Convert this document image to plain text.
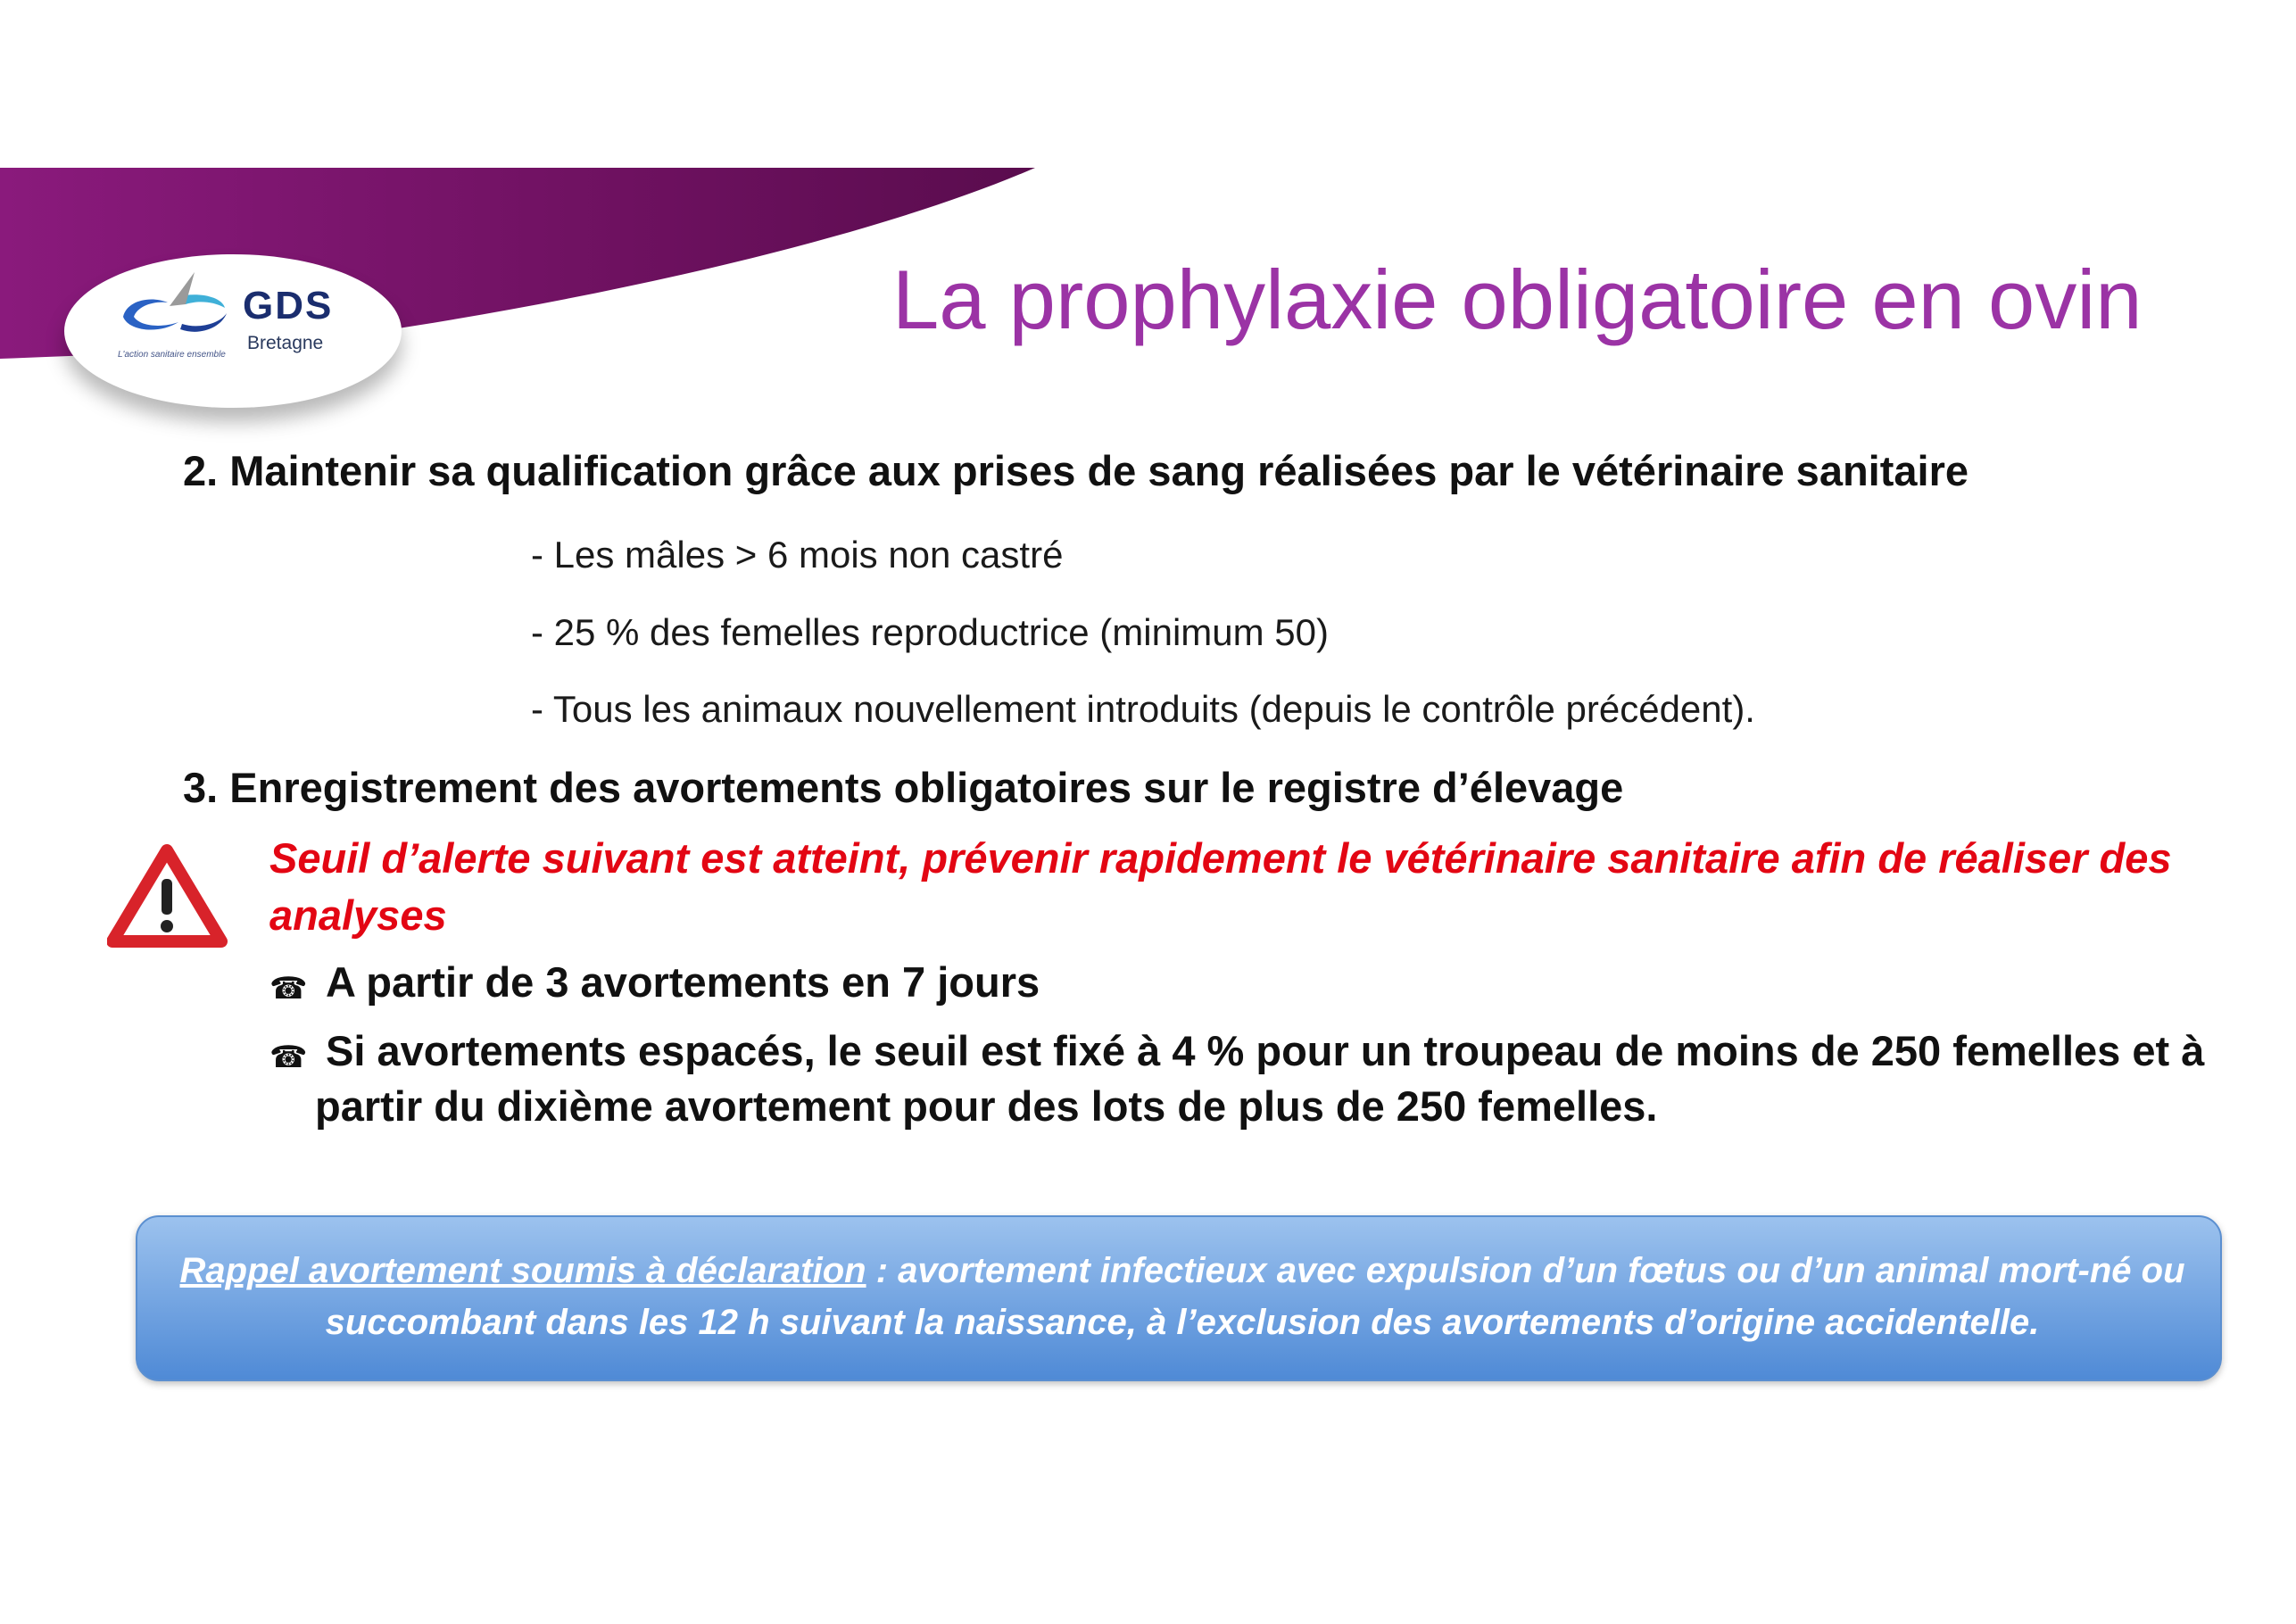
GDS
Bretagne
L'action sanitaire ensemble
La prophylaxie obligatoire en ovin
2. Maintenir sa qualification grâce aux prises de sang réalisées par le vétérinaire sanitaire
- Les mâles > 6 mois non castré
- 25 % des femelles reproductrice (minimum 50)
- Tous les animaux nouvellement introduits (depuis le contrôle précédent).
3. Enregistrement des avortements obligatoires sur le registre d’élevage
Seuil d’alerte suivant est atteint, prévenir rapidement le vétérinaire sanitaire afin de réaliser des analyses
☎ A partir de 3 avortements en 7 jours
☎ Si avortements espacés, le seuil est fixé à 4 % pour un troupeau de moins de 250 femelles et à partir du dixième avortement pour des lots de plus de 250 femelles.
Rappel avortement soumis à déclaration : avortement infectieux avec expulsion d’un fœtus ou d’un animal mort-né ou succombant dans les 12 h suivant la naissance, à l’exclusion des avortements d’origine accidentelle.
